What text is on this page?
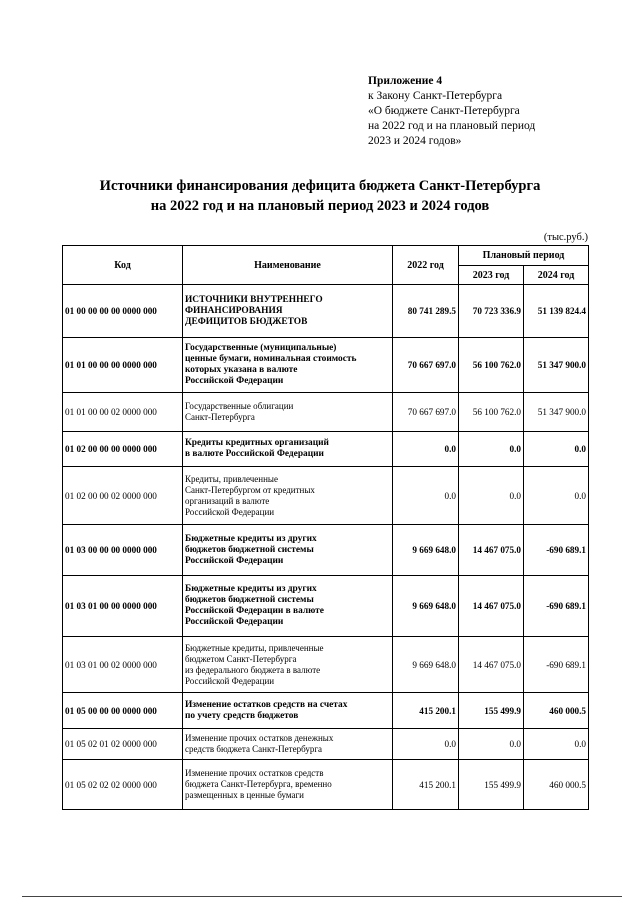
Приложение 4
к Закону Санкт-Петербурга
«О бюджете Санкт-Петербурга
на 2022 год и на плановый период
2023 и 2024 годов»
Источники финансирования дефицита бюджета Санкт-Петербурга
на 2022 год и на плановый период 2023 и 2024 годов
(тыс.руб.)
Код	Наименование	2022 год	Плановый период	
			2023 год	2024 год
01 00 00 00 00 0000 000	ИСТОЧНИКИ ВНУТРЕННЕГО
ФИНАНСИРОВАНИЯ
ДЕФИЦИТОВ БЮДЖЕТОВ	80 741 289.5	70 723 336.9	51 139 824.4
01 01 00 00 00 0000 000	Государственные (муниципальные)
ценные бумаги, номинальная стоимость
которых указана в валюте
Российской Федерации	70 667 697.0	56 100 762.0	51 347 900.0
01 01 00 00 02 0000 000	Государственные облигации
Санкт-Петербурга	70 667 697.0	56 100 762.0	51 347 900.0
01 02 00 00 00 0000 000	Кредиты кредитных организаций
в валюте Российской Федерации	0.0	0.0	0.0
01 02 00 00 02 0000 000	Кредиты, привлеченные
Санкт-Петербургом от кредитных
организаций в валюте
Российской Федерации	0.0	0.0	0.0
01 03 00 00 00 0000 000	Бюджетные кредиты из других
бюджетов бюджетной системы
Российской Федерации	9 669 648.0	14 467 075.0	-690 689.1
01 03 01 00 00 0000 000	Бюджетные кредиты из других
бюджетов бюджетной системы
Российской Федерации в валюте
Российской Федерации	9 669 648.0	14 467 075.0	-690 689.1
01 03 01 00 02 0000 000	Бюджетные кредиты, привлеченные
бюджетом Санкт-Петербурга
из федерального бюджета в валюте
Российской Федерации	9 669 648.0	14 467 075.0	-690 689.1
01 05 00 00 00 0000 000	Изменение остатков средств на счетах
по учету средств бюджетов	415 200.1	155 499.9	460 000.5
01 05 02 01 02 0000 000	Изменение прочих остатков денежных
средств бюджета Санкт-Петербурга	0.0	0.0	0.0
01 05 02 02 02 0000 000	Изменение прочих остатков средств
бюджета Санкт-Петербурга, временно
размещенных в ценные бумаги	415 200.1	155 499.9	460 000.5
